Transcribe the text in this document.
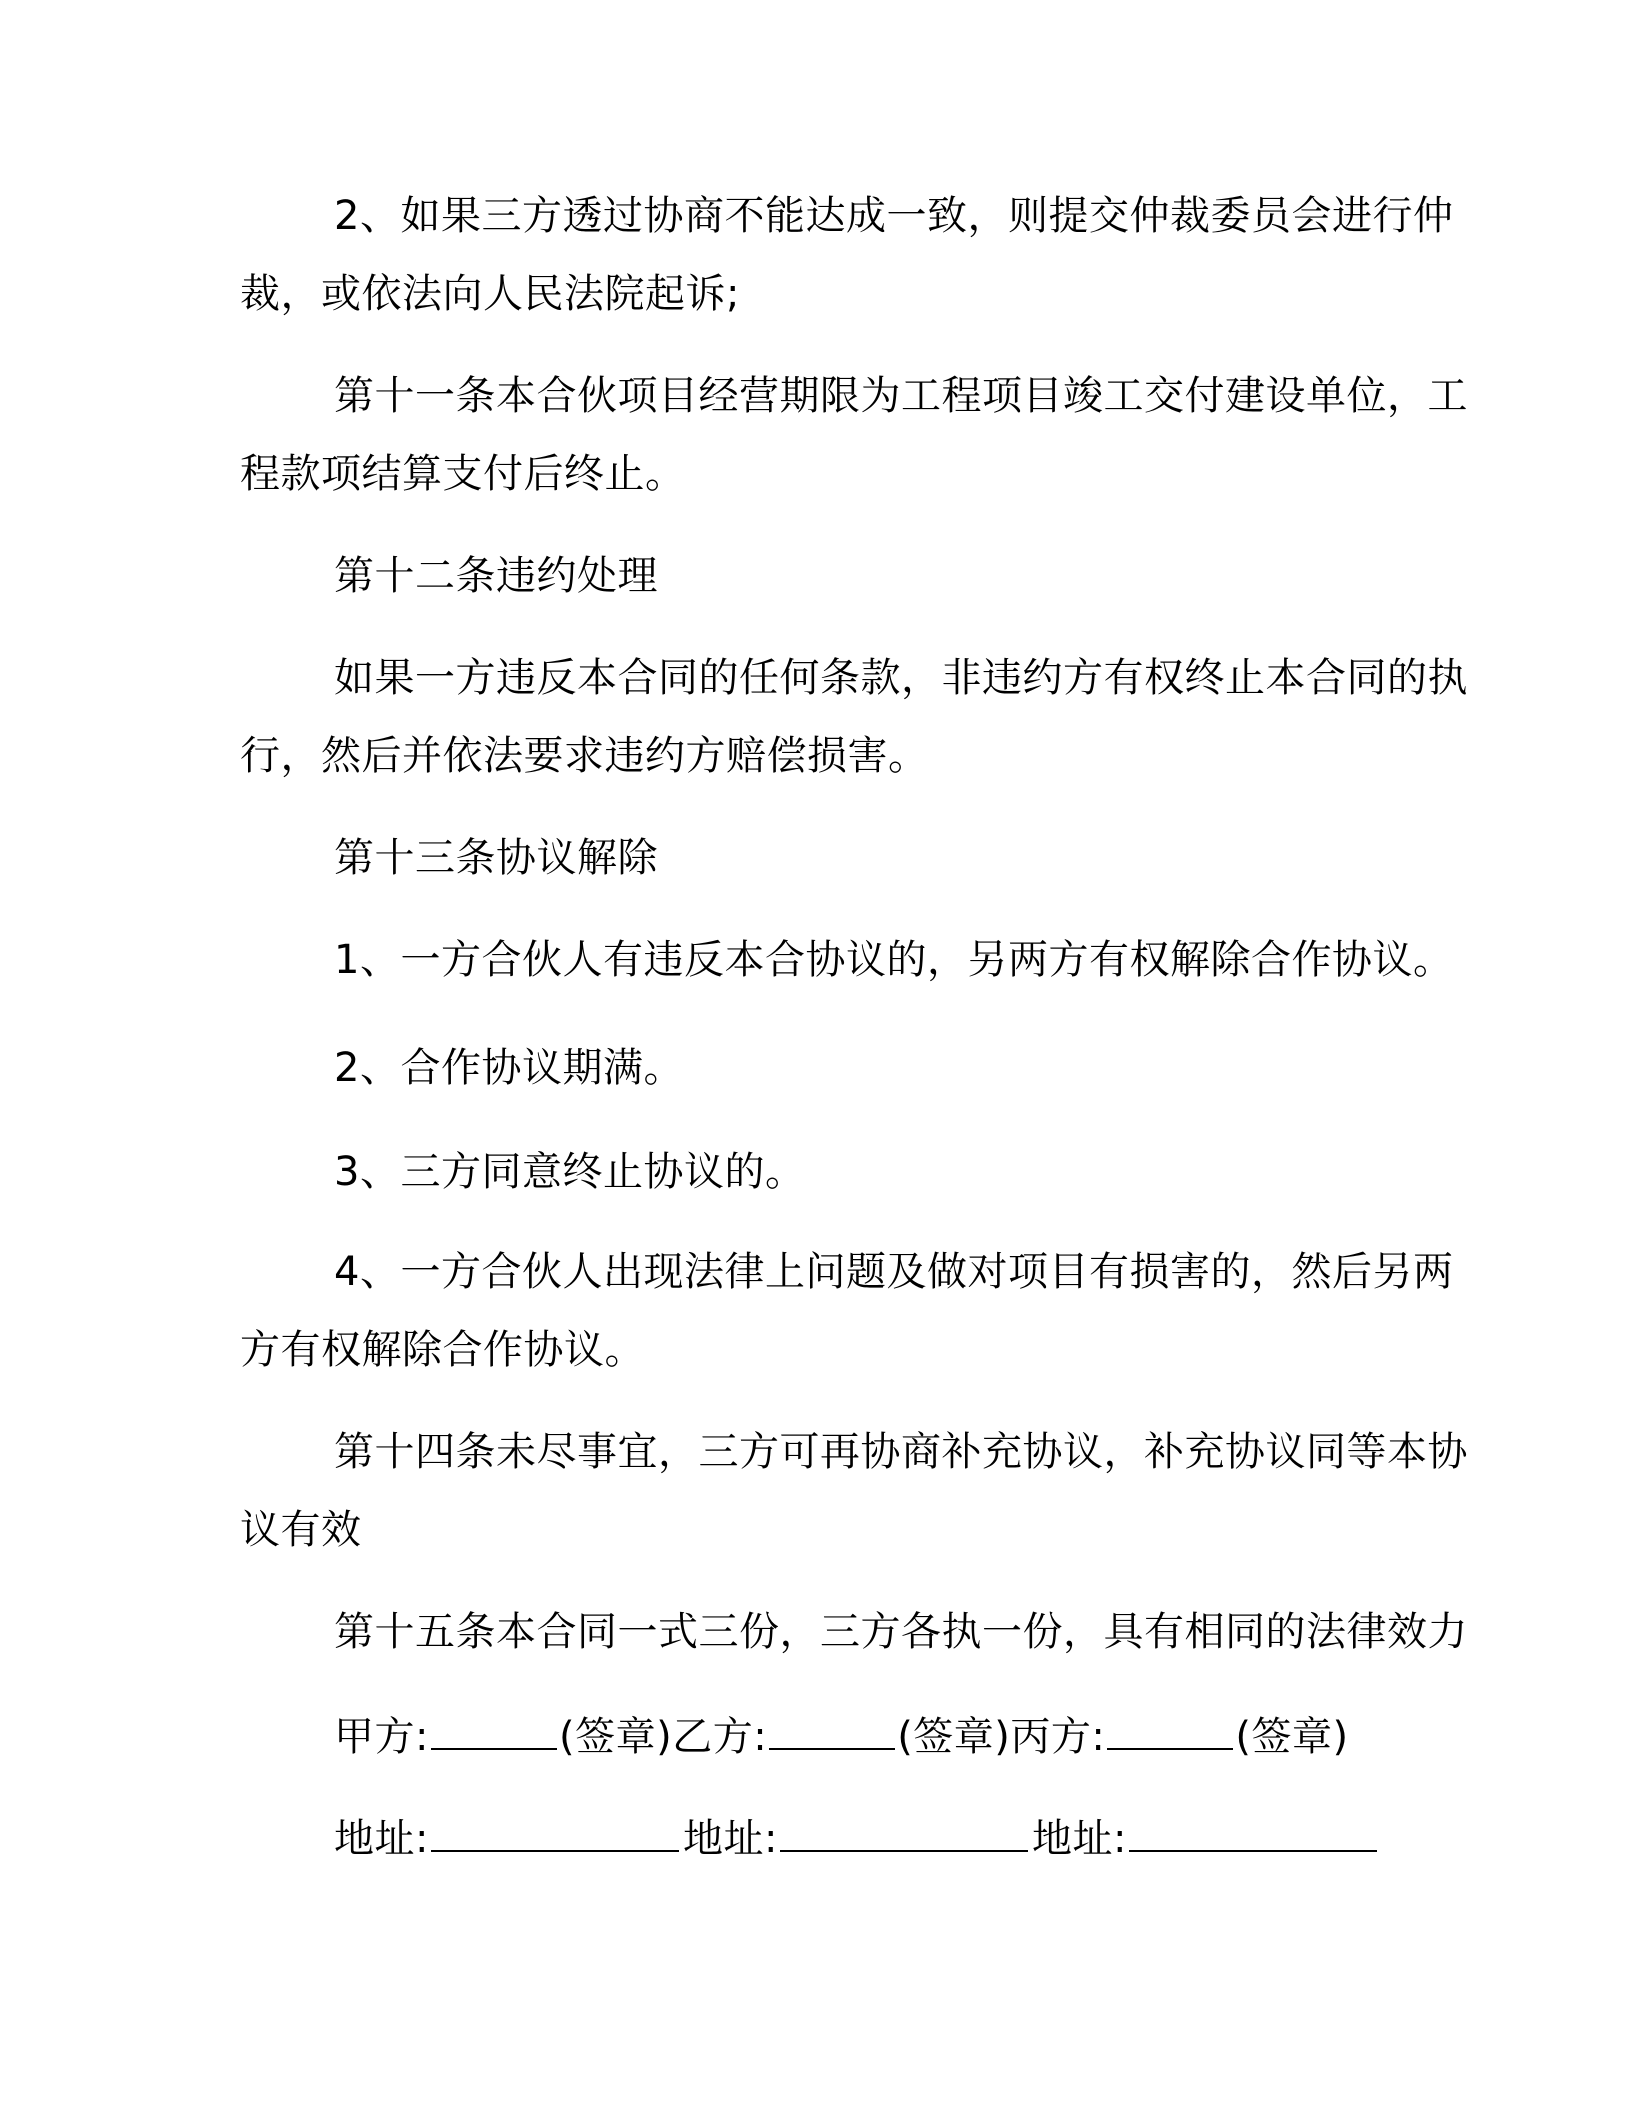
2、如果三方透过协商不能达成一致，则提交仲裁委员会进行仲
裁，或依法向人民法院起诉;
第十一条本合伙项目经营期限为工程项目竣工交付建设单位，工
程款项结算支付后终止。
第十二条违约处理
如果一方违反本合同的任何条款，非违约方有权终止本合同的执
行，然后并依法要求违约方赔偿损害。
第十三条协议解除
1、一方合伙人有违反本合协议的，另两方有权解除合作协议。
2、合作协议期满。
3、三方同意终止协议的。
4、一方合伙人出现法律上问题及做对项目有损害的，然后另两
方有权解除合作协议。
第十四条未尽事宜，三方可再协商补充协议，补充协议同等本协
议有效
第十五条本合同一式三份，三方各执一份，具有相同的法律效力
甲方:	(签章)乙方:	(签章)丙方:	(签章)
地址:	地址:	地址:
